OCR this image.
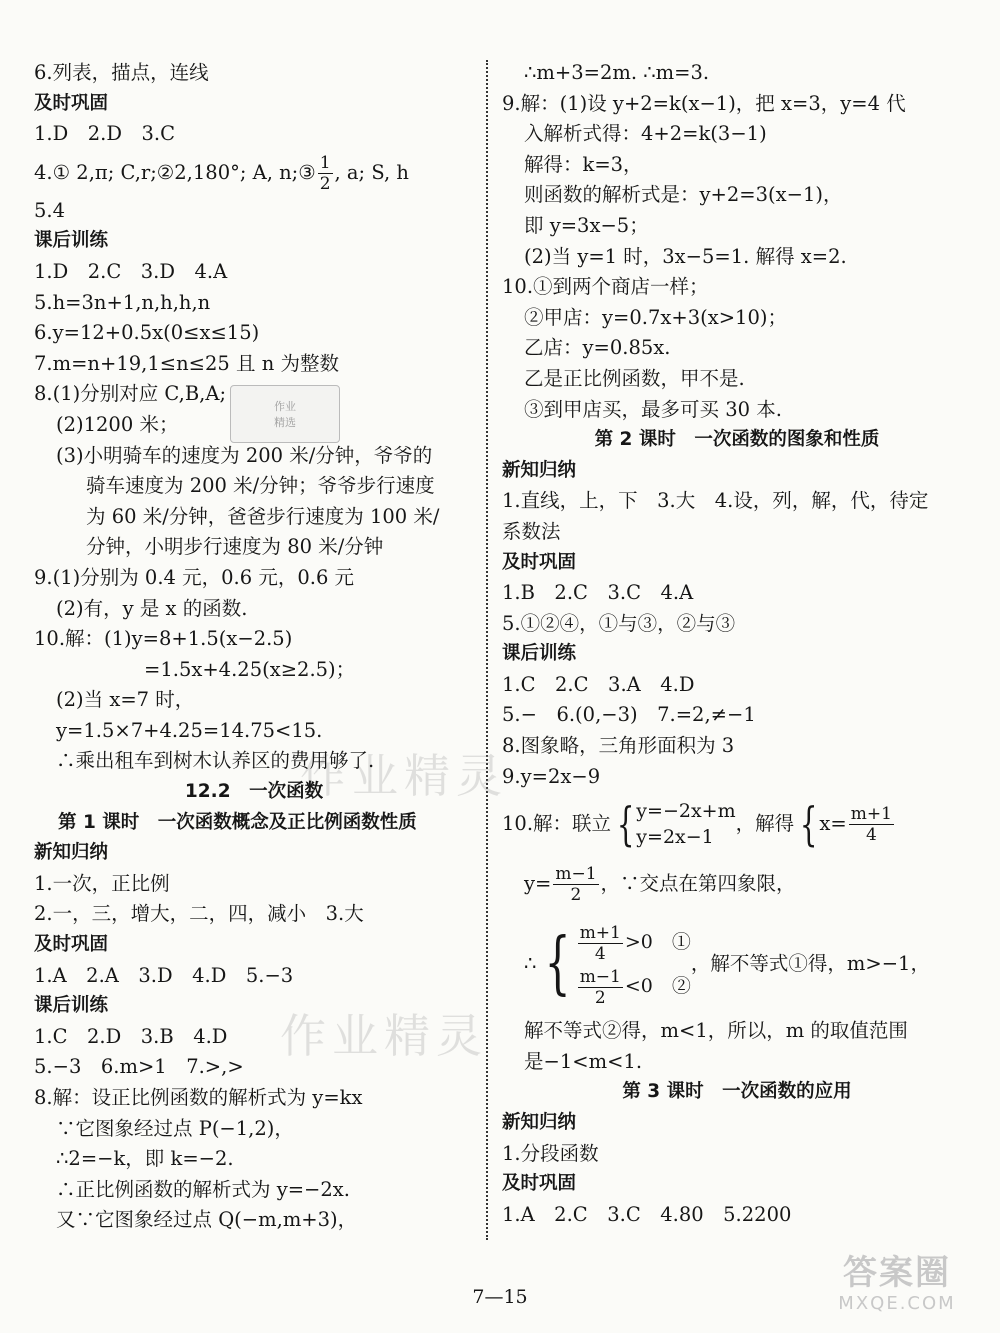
作业精灵
作业精灵
作业
精选
6.列表，描点，连线
及时巩固
1.D　2.D　3.C
4.① 2,π; C,r;②2,180°; A, n;③ $\frac{1}{2}$ , a; S, h
5.4
课后训练
1.D　2.C　3.D　4.A
5.h=3n+1,n,h,h,n
6.y=12+0.5x(0≤x≤15)
7.m=n+19,1≤n≤25 且 n 为整数
8.(1)分别对应 C,B,A;
(2)1200 米；
(3)小明骑车的速度为 200 米/分钟，爷爷的
骑车速度为 200 米/分钟；爷爷步行速度
为 60 米/分钟，爸爸步行速度为 100 米/
分钟，小明步行速度为 80 米/分钟
9.(1)分别为 0.4 元，0.6 元，0.6 元
(2)有，y 是 x 的函数.
10.解：(1)y=8+1.5(x−2.5)
=1.5x+4.25(x≥2.5)；
(2)当 x=7 时，
y=1.5×7+4.25=14.75<15.
∴乘出租车到树木认养区的费用够了.
12.2　一次函数
第 1 课时　一次函数概念及正比例函数性质
新知归纳
1.一次，正比例
2.一，三，增大，二，四，减小　3.大
及时巩固
1.A　2.A　3.D　4.D　5.−3
课后训练
1.C　2.D　3.B　4.D
5.−3　6.m>1　7.>,>
8.解：设正比例函数的解析式为 y=kx
∵它图象经过点 P(−1,2)，
∴2=−k，即 k=−2.
∴正比例函数的解析式为 y=−2x.
又∵它图象经过点 Q(−m,m+3)，
∴m+3=2m. ∴m=3.
9.解：(1)设 y+2=k(x−1)，把 x=3，y=4 代
入解析式得：4+2=k(3−1)
解得：k=3，
则函数的解析式是：y+2=3(x−1)，
即 y=3x−5；
(2)当 y=1 时，3x−5=1. 解得 x=2.
10.①到两个商店一样；
②甲店：y=0.7x+3(x>10)；
乙店：y=0.85x.
乙是正比例函数，甲不是.
③到甲店买，最多可买 30 本.
第 2 课时　一次函数的图象和性质
新知归纳
1.直线，上，下　3.大　4.设，列，解，代，待定
系数法
及时巩固
1.B　2.C　3.C　4.A
5.①②④，①与③，②与③
课后训练
1.C　2.C　3.A　4.D
5.−　6.(0,−3)　7.=2,≠−1
8.图象略，三角形面积为 3
9.y=2x−9
10.解：联立 { y=−2x+m
y=2x−1
，解得 { $x= \frac{m+1}{4}$
$y= \frac{m-1}{2}$ ，∵交点在第四象限，
∴ { $\frac{m+1}{4} >0$　①
$\frac{m-1}{2} <0$　②
，解不等式①得，m>−1，
解不等式②得，m<1，所以，m 的取值范围
是−1<m<1.
第 3 课时　一次函数的应用
新知归纳
1.分段函数
及时巩固
1.A　2.C　3.C　4.80　5.2200
7—15
答案圈
MXQE.COM
